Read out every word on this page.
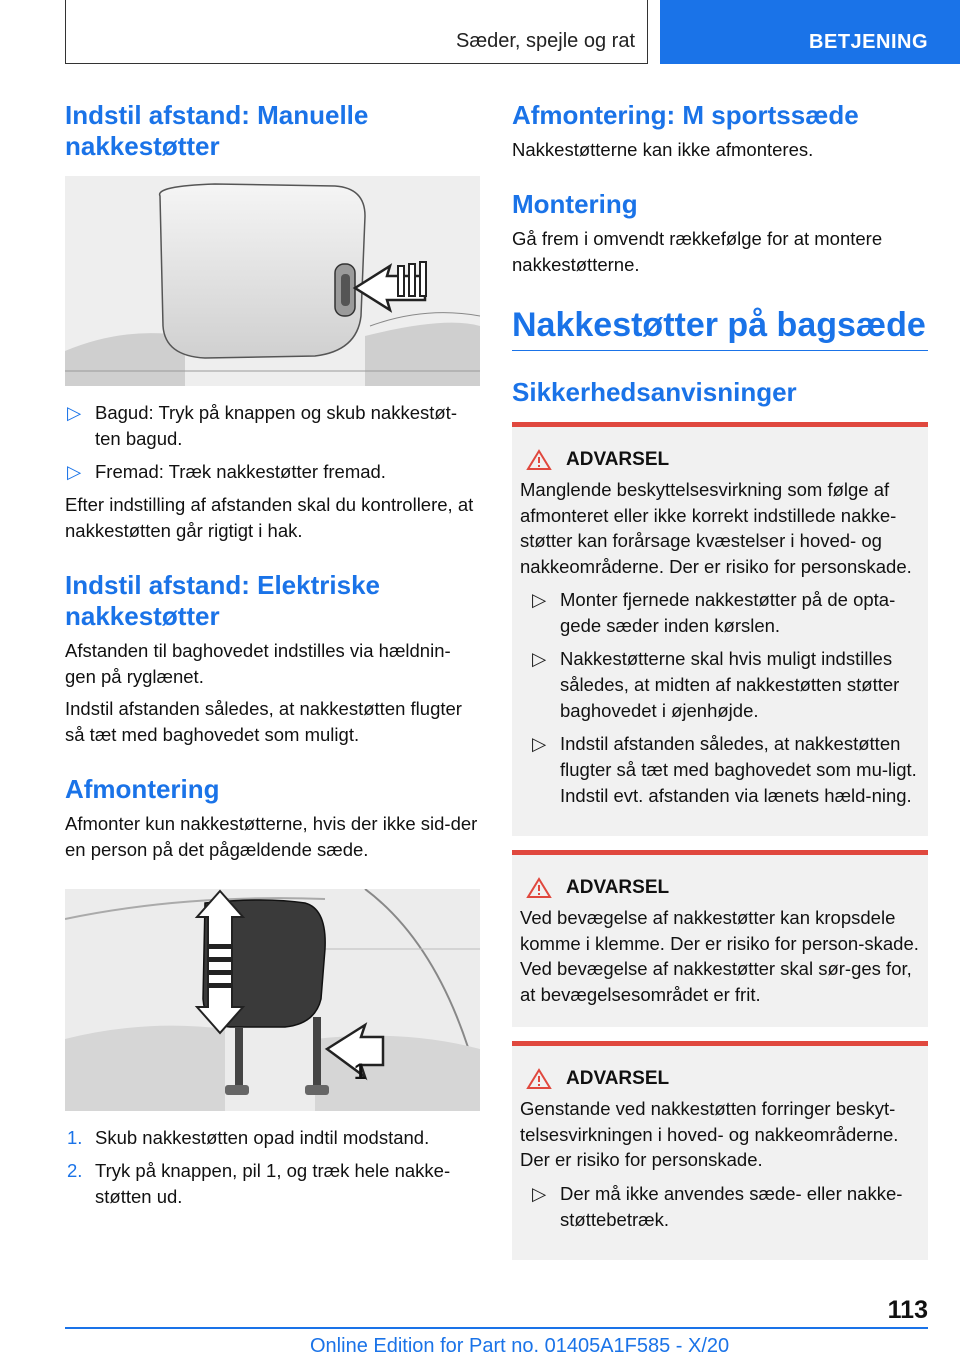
Sæder, spejle og rat	BETJENING
Indstil afstand: Manuelle nakkestøtter
▷ Bagud: Tryk på knappen og skub nakkestøt-ten bagud.
▷ Fremad: Træk nakkestøtter fremad.

Efter indstilling af afstanden skal du kontrollere, at nakkestøtten går rigtigt i hak.

Indstil afstand: Elektriske nakkestøtter

Afstanden til baghovedet indstilles via hældnin-gen på ryglænet.

Indstil afstanden således, at nakkestøtten flugter så tæt med baghovedet som muligt.

Afmontering

Afmonter kun nakkestøtterne, hvis der ikke sid-der en person på det pågældende sæde.

1
1. Skub nakkestøtten opad indtil modstand.
2. Tryk på knappen, pil 1, og træk hele nakke-støtten ud.
Afmontering: M sportssæde

Nakkestøtterne kan ikke afmonteres.

Montering

Gå frem i omvendt rækkefølge for at montere nakkestøtterne.

Nakkestøtter på bagsæde
Sikkerhedsanvisninger
ADVARSEL

Manglende beskyttelsesvirkning som følge af afmonteret eller ikke korrekt indstillede nakke-støtter kan forårsage kvæstelser i hoved- og nakkeområderne. Der er risiko for personskade.

▷ Monter fjernede nakkestøtter på de opta-gede sæder inden kørslen.
▷ Nakkestøtterne skal hvis muligt indstilles således, at midten af nakkestøtten støtter baghovedet i øjenhøjde.
▷ Indstil afstanden således, at nakkestøtten flugter så tæt med baghovedet som mu-ligt. Indstil evt. afstanden via lænets hæld-ning.
ADVARSEL

Ved bevægelse af nakkestøtter kan kropsdele komme i klemme. Der er risiko for person-skade. Ved bevægelse af nakkestøtter skal sør-ges for, at bevægelsesområdet er frit.

ADVARSEL

Genstande ved nakkestøtten forringer beskyt-telsesvirkningen i hoved- og nakkeområderne. Der er risiko for personskade.

▷ Der må ikke anvendes sæde- eller nakke-støttebetræk.
113
Online Edition for Part no. 01405A1F585 - X/20
